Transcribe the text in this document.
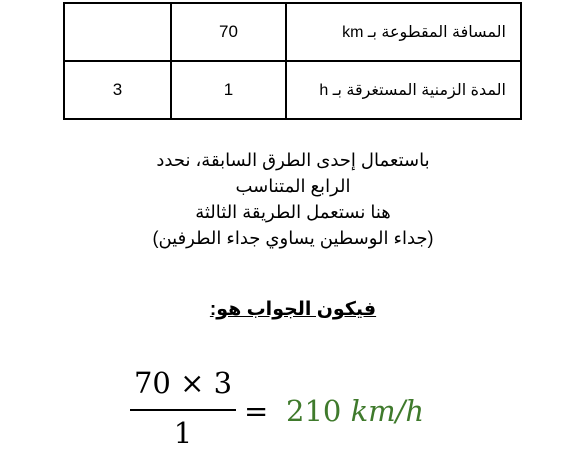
	70	المسافة المقطوعة بـ km
3	1	المدة الزمنية المستغرقة بـ h
باستعمال إحدى الطرق السابقة، نحدد
الرابع المتناسب
هنا نستعمل الطريقة الثالثة
(جداء الوسطين يساوي جداء الطرفين)
فيكون الجواب هو:
70 × 3
1
= 210 km/h
